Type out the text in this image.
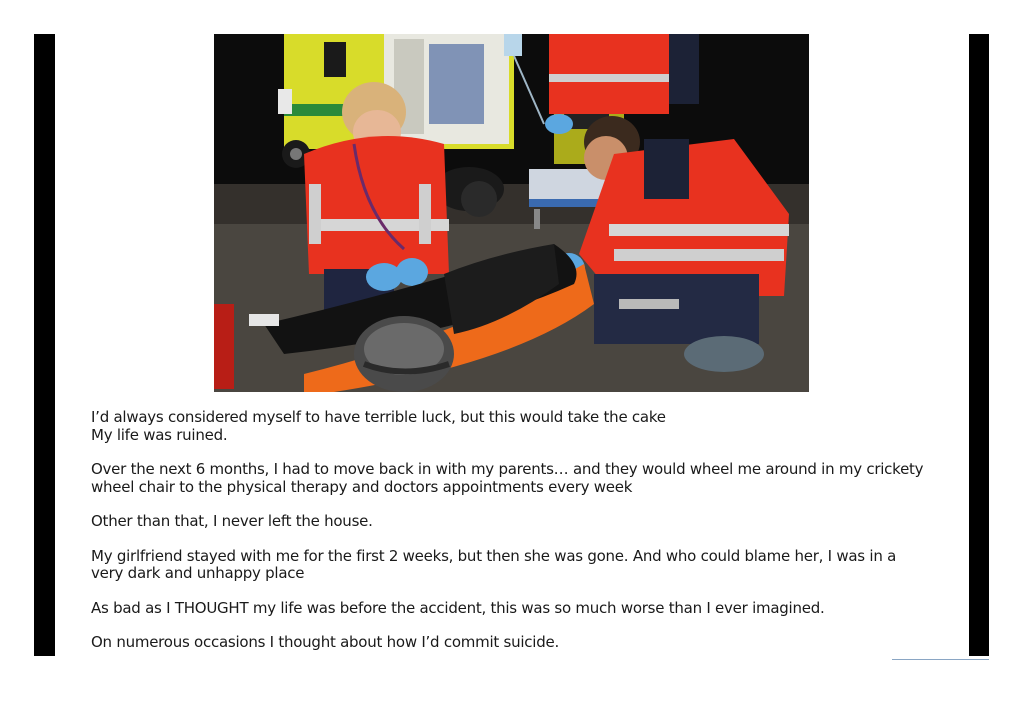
I’d always considered myself to have terrible luck, but this would take the cake
My life was ruined.

Over the next 6 months, I had to move back in with my parents… and they would wheel me around in my crickety wheel chair to the physical therapy and doctors appointments every week

Other than that, I never left the house.

My girlfriend stayed with me for the first 2 weeks, but then she was gone. And who could blame her, I was in a very dark and unhappy place

As bad as I THOUGHT my life was before the accident, this was so much worse than I ever imagined.

On numerous occasions I thought about how I’d commit suicide.
